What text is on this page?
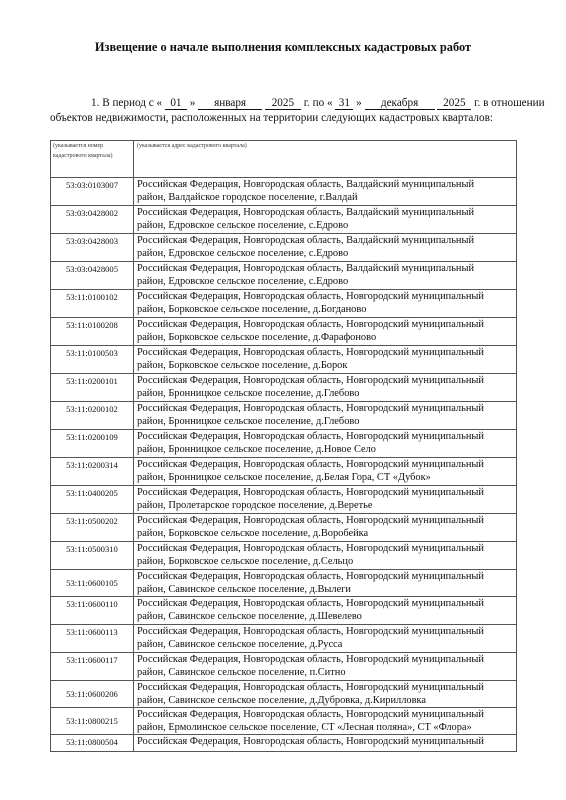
Извещение о начале выполнения комплексных кадастровых работ
1. В период с « 01 » января 2025 г. по « 31 » декабря 2025 г. в отношении
объектов недвижимости, расположенных на территории следующих кадастровых кварталов:
(указывается номер кадастрового квартала)	(указывается адрес кадастрового квартала)
53:03:0103007	Российская Федерация, Новгородская область, Валдайский муниципальный
район, Валдайское городское поселение, г.Валдай

53:03:0428002	Российская Федерация, Новгородская область, Валдайский муниципальный
район, Едровское сельское поселение, с.Едрово

53:03:0428003	Российская Федерация, Новгородская область, Валдайский муниципальный
район, Едровское сельское поселение, с.Едрово

53:03:0428005	Российская Федерация, Новгородская область, Валдайский муниципальный
район, Едровское сельское поселение, с.Едрово

53:11:0100102	Российская Федерация, Новгородская область, Новгородский муниципальный
район, Борковское сельское поселение, д.Богданово

53:11:0100208	Российская Федерация, Новгородская область, Новгородский муниципальный
район, Борковское сельское поселение, д.Фарафоново

53:11:0100503	Российская Федерация, Новгородская область, Новгородский муниципальный
район, Борковское сельское поселение, д.Борок

53:11:0200101	Российская Федерация, Новгородская область, Новгородский муниципальный
район, Бронницкое сельское поселение, д.Глебово

53:11:0200102	Российская Федерация, Новгородская область, Новгородский муниципальный
район, Бронницкое сельское поселение, д.Глебово

53:11:0200109	Российская Федерация, Новгородская область, Новгородский муниципальный
район, Бронницкое сельское поселение, д.Новое Село

53:11:0200314	Российская Федерация, Новгородская область, Новгородский муниципальный
район, Бронницкое сельское поселение, д.Белая Гора, СТ «Дубок»

53:11:0400205	Российская Федерация, Новгородская область, Новгородский муниципальный
район, Пролетарское городское поселение, д.Веретье

53:11:0500202	Российская Федерация, Новгородская область, Новгородский муниципальный
район, Борковское сельское поселение, д.Воробейка

53:11:0500310	Российская Федерация, Новгородская область, Новгородский муниципальный
район, Борковское сельское поселение, д.Сельцо

53:11:0600105	Российская Федерация, Новгородская область, Новгородский муниципальный
район, Савинское сельское поселение, д.Вылеги

53:11:0600110	Российская Федерация, Новгородская область, Новгородский муниципальный
район, Савинское сельское поселение, д.Шевелево

53:11:0600113	Российская Федерация, Новгородская область, Новгородский муниципальный
район, Савинское сельское поселение, д.Русса

53:11:0600117	Российская Федерация, Новгородская область, Новгородский муниципальный
район, Савинское сельское поселение, п.Ситно

53:11:0600206	Российская Федерация, Новгородская область, Новгородский муниципальный
район, Савинское сельское поселение, д.Дубровка, д.Кирилловка

53:11:0800215	Российская Федерация, Новгородская область, Новгородский муниципальный
район, Ермолинское сельское поселение, СТ «Лесная поляна», СТ «Флора»

53:11:0800504	Российская Федерация, Новгородская область, Новгородский муниципальный
